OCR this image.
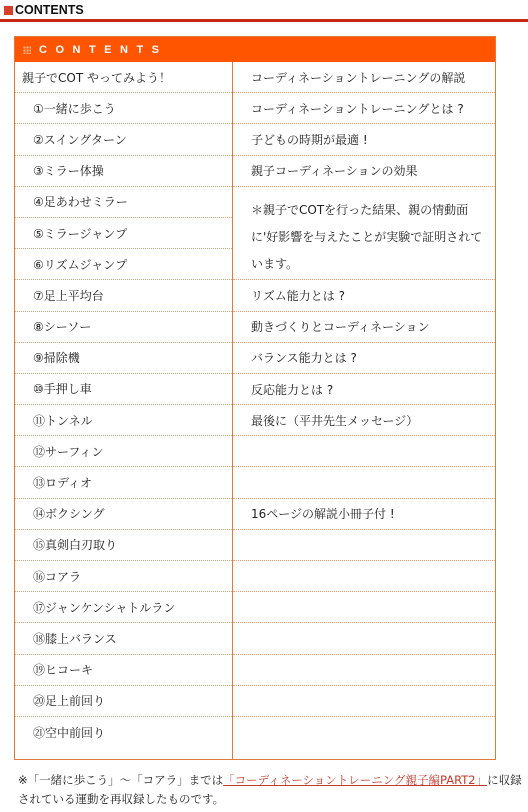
CONTENTS
CONTENTS
親子でCOT やってみよう！
①一緒に歩こう
②スイングターン
③ミラー体操
④足あわせミラー
⑤ミラージャンプ
⑥リズムジャンプ
⑦足上平均台
⑧シーソー
⑨掃除機
⑩手押し車
⑪トンネル
⑫サーフィン
⑬ロディオ
⑭ボクシング
⑮真剣白刃取り
⑯コアラ
⑰ジャンケンシャトルラン
⑱膝上バランス
⑲ヒコーキ
⑳足上前回り
㉑空中前回り
コーディネーショントレーニングの解説
コーディネーショントレーニングとは ?
子どもの時期が最適 !
親子コーディネーションの効果
＊親子でCOTを行った結果、親の情動面に'好影響を与えたことが実験で証明されています。
リズム能力とは ?
動きづくりとコーディネーション
バランス能力とは ?
反応能力とは ?
最後に（平井先生メッセージ）
16ページの解説小冊子付 !

※「一緒に歩こう」～「コアラ」までは「コーディネーショントレーニング親子編PART2」に収録されている運動を再収録したものです。
